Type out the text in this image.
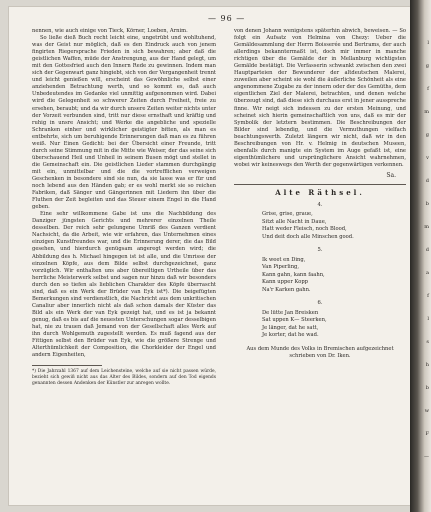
— 96 —

nennen, wie auch einige von Tieck, Körner, Loeben, Arnim.

So ließe dieß Buch recht leicht eine, ungetrübt und wohltuhend, was der Geist nur möglich, daß es den Eindruck auch von jenem fingirten Riegersprache Frieden in sich bewahren; aber daß die geistlichen Waffen, müde der Anstrengung, aus der Hand gelegt, um mit den Gottesfried auch den Innern Rede zu gewinnen. Indem man sich der Gegenwart ganz hingiebt, sich von der Vergangenheit trennt und leicht genießen will, erscheint das Gewöhnliche selbst einer anziehenden Betrachtung werth, und so kommt es, daß auch Unbedeutendes im Gedanke viel unmittig aufgenommen wird. Dabei wird die Gelegenheit so schwerer Zeiten durch Freiheit, freie zu ersehen, beraubt; und da wir durch unsere Zeiten weiter nichts unter der Vorzeit verbunden sind, tritt nur diese ernsthaft und kräftig und ruhig in unsre Ansicht; und Werke die angebliche und spezielle Schranken einher und wirklicher geistigter bitten, als man es entbehrte, sich um beruhigende Erinnerungen daß man es zu führen weiß. Nur Einen Gedicht: bei der Übersicht einer Freunde, tritt durch seine Stimmung mit in die Mitte wie Weiser, der das seine sich überschauend Heil und Unheil in seinem Busen mögt und stellet in die Gemeinschaft ein. Die geistlichen Lieder stammen durchgängig mit ein, unmittelbar und die die vortrefflichen verweigen Geschenken in besondere sind sie nun, da sie lasse was er für und noch lebend aus den Händen gab; er es wohl merkt sie so reichen Fabriken, daß Sänger und Gängerinnen mit Liedern ihn über die Fluthen der Zeit begleiten und das Steuer einem Engel in die Hand geben.

Eine sehr willkommene Gabe ist uns die Nachbildung des Danziger jüngsten Gerichts und mehrerer einzelnen Theile desselben. Der reich sehr gelungene Umriß des Ganzen verdient Nachsicht, da die Arbeit, wie wir erfahren, das Unternehmen eines einzigen Kunstfreundes war, und die Erinnerung derer, die das Bild gesehen, und hierdurch genügsam angeregt werden wird; die Abbildung des h. Michael hingegen ist ist alle, und die Umrisse der einzelnen Köpfe, aus dem Bilde selbst durchgezeichnet, ganz vorzüglich. Wir enthalten uns aber übereiltigen Urtheile über das herrliche Meisterwerk selbst und sagen nur hinzu daß wir besonders durch den so tiefen als lieblichen Charakter des Köpfe überrascht sind, daß es ein Werk der Brüder van Eyk ist*). Die beigefügten Bemerkungen sind verdienstlich, die Nachricht aus dem unkritischen Canaliur aber innerlich nicht als daß schon damals der Küster das Bild als ein Werk der van Eyk gezeigt hat, und es ist ja bekannt genug, daß es bis auf die neuesten Unterschungen sogar desselbigen hat, nie zu trauen daß Jemand von der Gesellschaft alles Werk auf ihn durch Wohlgemuth zugestellt werden. Es muß fagend aus der Fittigen selbst den Brüder van Eyk, wie die größere Strenge und Alterthümlichkeit der Composition, die Chorkleider der Engel und andern Eigenheiten,

*) Die Jahrzahl 1367 auf dem Leichensteine, welche auf sie nicht passen würde, bezieht sich gewiß nicht aus das Alter des Bildes, sondern auf den Tod eigends genannten dessen Andenken der Künstler zur anregen wollte.

von denen Johann wenigstens späterhin abwich, beweisen. — So folgt ein Aufsatz von Helmina von Chezy: Ueber die Gemäldesammlung der Herrn Boisserée und Bertrams, der auch allerdings bekanntermaßt ist, doch mir immer in manche richtigen über die Gemälde der in Mellanburg wichtigsten Gemälde bestätigt. Die Verfasserin schwankt zwischen den zwei Hauptparteien der Bewunderer der altdeutschen Malerei, zuweilen aber scheint sie wohl die äußerliche Schönheit als eine angenommene Zugabe zu der innern oder der des Gemüths, dem eigentlichen Ziel der Malerei, betrachten, und denen welche überzeugt sind, daß diese sich durchaus erst in jener ausspreche finne. Wir neigt sich indessen zu der ersten Meinung, und scheinet sich hierin gemeinschaftlich von uns, daß es mir der Symbolik der letztern bestimmen. Die Beschreibungen der Bilder sind lebendig, und die Vermuthungen vielfach beachtungswerth. Zuletzt längern wir nicht, daß wir in den Beschreibungen von Hr. v. Helmig in deutschen Museen, ebenfalls durch manigte ein System im Auge gefaßt ist, eine eigenthümlichere und ursprünglichere Ansicht wahrnehmen, wobei wir keineswegs den Werth der gegenwärtigen verkennen.

Sa.
Alte Räthsel.
4.
Grise, grise, graue,
Sitzt alle Nacht in Daue,
Hatt weder Fleisch, noch Blood,
Und deit doch alle Minschen good.
5.
Ik weet en Ding,
Van Piperling,
Kann gahn, kann faahn,
Kann upper Kopp
Na'r Karken gahn.
6.
De lütte Jan Breisken
Sat uppen K— Steerken,
Je länger, dat he satt,
Je korter, dat he wad.
Aus dem Munde des Volks in Bremischen aufgezeichnet
schrieben von Dr. Iken.
l
g
f
m
g
v
d
b
m
d
a
f
l
s
h
b
w
F
—
